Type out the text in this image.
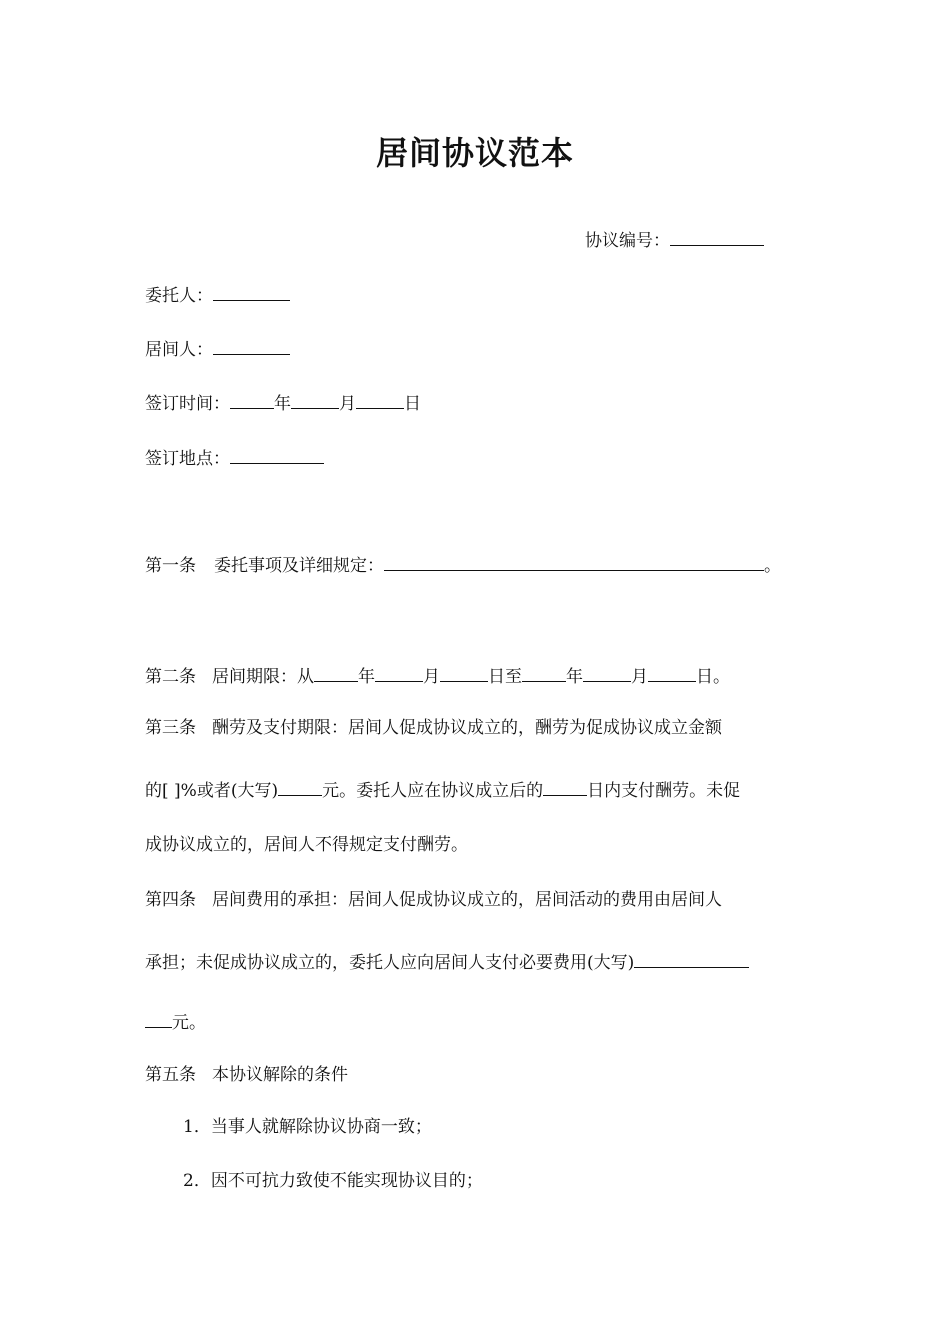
居间协议范本
协议编号：
委托人：
居间人：
签订时间：	年	月	日
签订地点：
第一条 委托事项及详细规定：	。
第二条 居间期限：从	年	月	日至	年	月	日。
第三条 酬劳及支付期限：居间人促成协议成立的，酬劳为促成协议成立金额
的[ ]%或者(大写)	元。委托人应在协议成立后的	日内支付酬劳。未促
成协议成立的，居间人不得规定支付酬劳。
第四条 居间费用的承担：居间人促成协议成立的，居间活动的费用由居间人
承担；未促成协议成立的，委托人应向居间人支付必要费用(大写)
元。
第五条 本协议解除的条件
1．当事人就解除协议协商一致；
2．因不可抗力致使不能实现协议目的；
